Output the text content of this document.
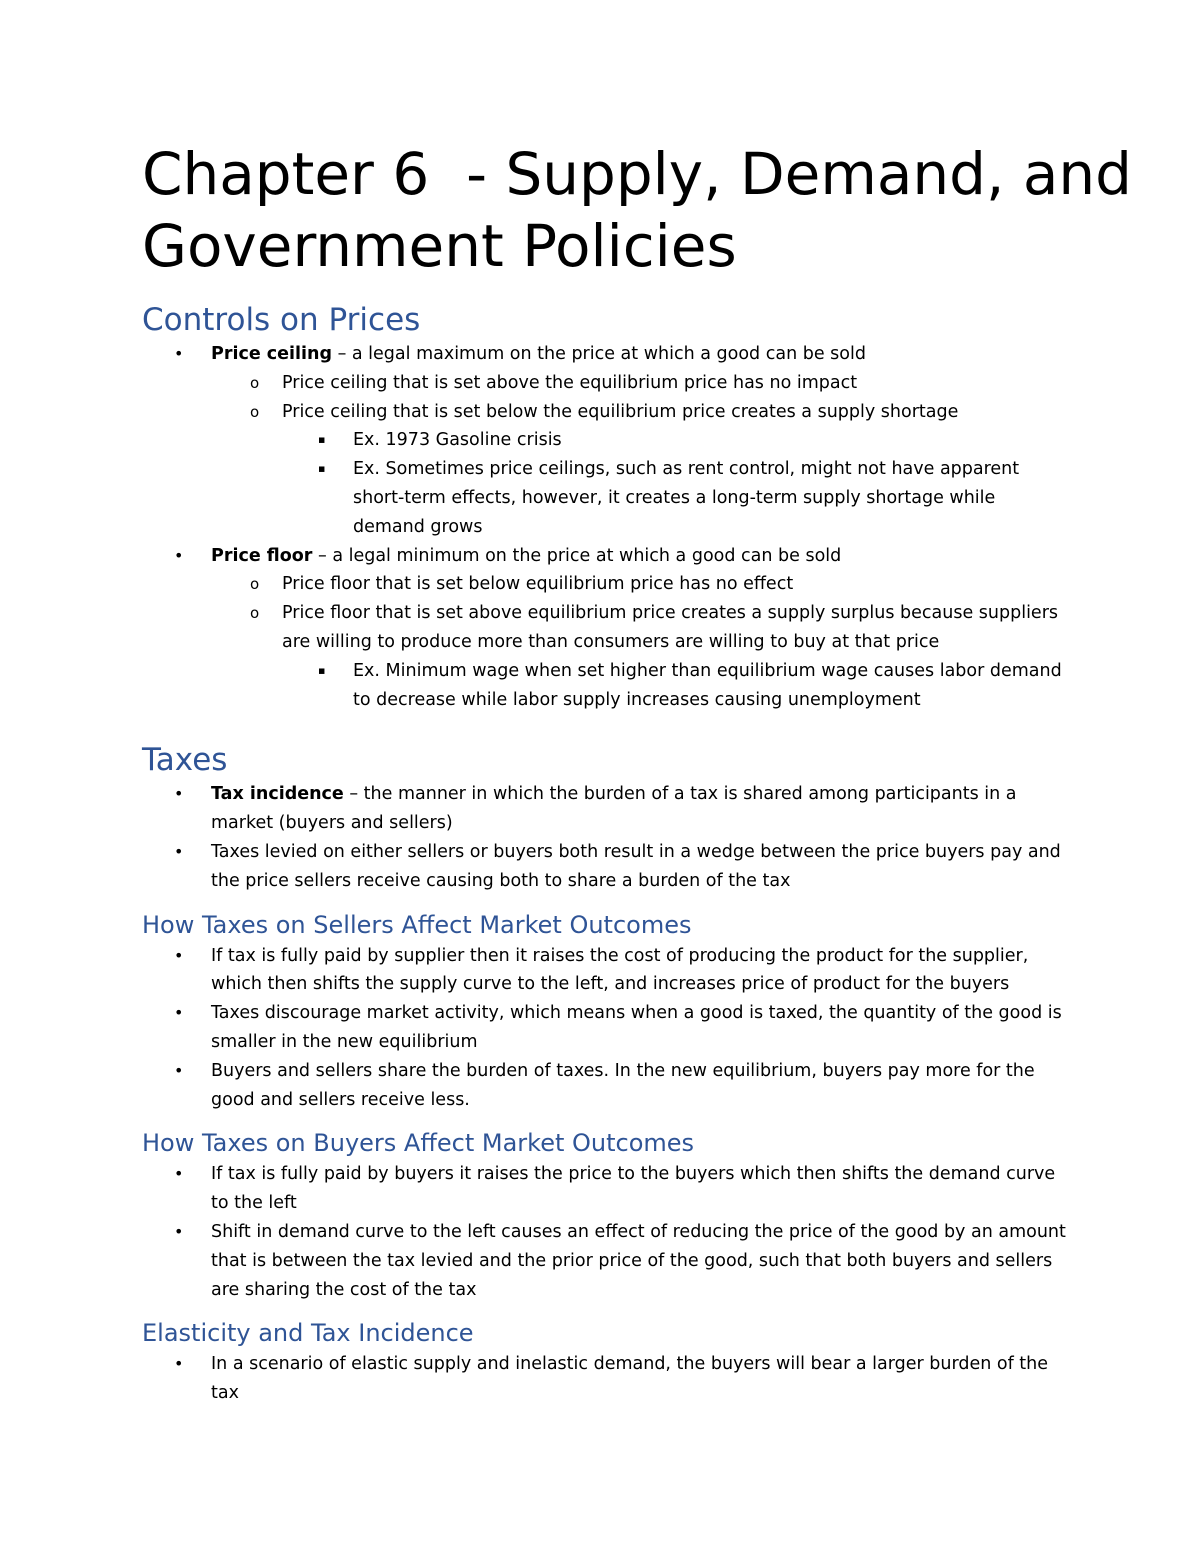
Chapter 6  - Supply, Demand, and
Government Policies
Controls on Prices
• Price ceiling – a legal maximum on the price at which a good can be sold
o Price ceiling that is set above the equilibrium price has no impact
o Price ceiling that is set below the equilibrium price creates a supply shortage
▪ Ex. 1973 Gasoline crisis
▪ Ex. Sometimes price ceilings, such as rent control, might not have apparent short-term effects, however, it creates a long-term supply shortage while demand grows
• Price floor – a legal minimum on the price at which a good can be sold
o Price floor that is set below equilibrium price has no effect
o Price floor that is set above equilibrium price creates a supply surplus because suppliers are willing to produce more than consumers are willing to buy at that price
▪ Ex. Minimum wage when set higher than equilibrium wage causes labor demand to decrease while labor supply increases causing unemployment
Taxes
• Tax incidence – the manner in which the burden of a tax is shared among participants in a market (buyers and sellers)
• Taxes levied on either sellers or buyers both result in a wedge between the price buyers pay and the price sellers receive causing both to share a burden of the tax
How Taxes on Sellers Affect Market Outcomes
• If tax is fully paid by supplier then it raises the cost of producing the product for the supplier, which then shifts the supply curve to the left, and increases price of product for the buyers
• Taxes discourage market activity, which means when a good is taxed, the quantity of the good is smaller in the new equilibrium
• Buyers and sellers share the burden of taxes. In the new equilibrium, buyers pay more for the good and sellers receive less.
How Taxes on Buyers Affect Market Outcomes
• If tax is fully paid by buyers it raises the price to the buyers which then shifts the demand curve to the left
• Shift in demand curve to the left causes an effect of reducing the price of the good by an amount that is between the tax levied and the prior price of the good, such that both buyers and sellers are sharing the cost of the tax
Elasticity and Tax Incidence
• In a scenario of elastic supply and inelastic demand, the buyers will bear a larger burden of the tax
